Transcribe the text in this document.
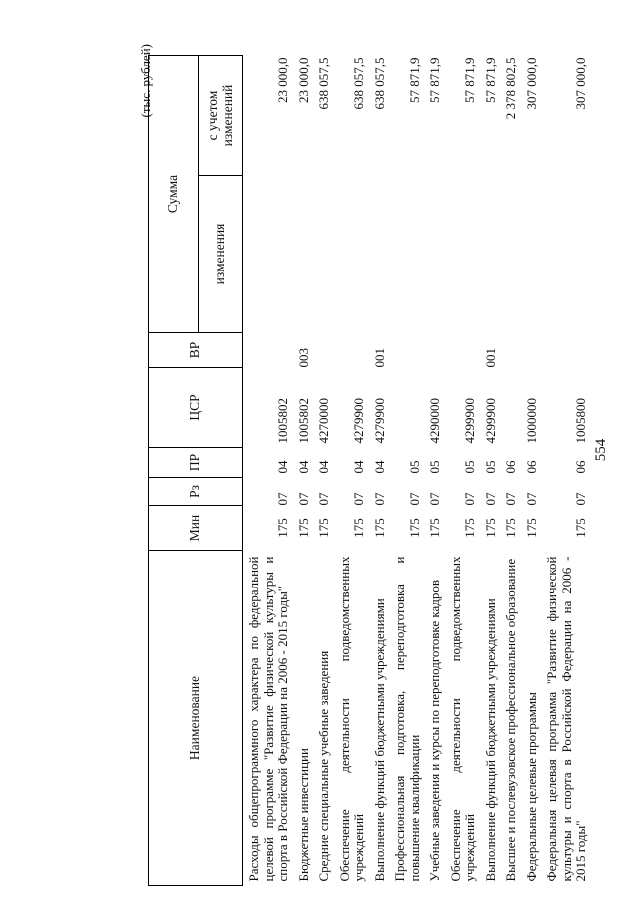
554
(тыс. рублей)
Наименование	Мин	Рз	ПР	ЦСР	ВР	Сумма	
						изменения	с учетом изменений

Расходы общепрограммного характера по федеральной целевой программе "Развитие физической культуры и спорта в Российской Федерации на 2006 - 2015 годы"	175	07	04	1005802			23 000,0

Бюджетные инвестиции	175	07	04	1005802	003		23 000,0

Средние специальные учебные заведения	175	07	04	4270000			638 057,5

Обеспечение деятельности подведомственных учреждений	175	07	04	4279900			638 057,5

Выполнение функций бюджетными учреждениями	175	07	04	4279900	001		638 057,5

Профессиональная подготовка, переподготовка и повышение квалификации	175	07	05				57 871,9

Учебные заведения и курсы по переподготовке кадров	175	07	05	4290000			57 871,9

Обеспечение деятельности подведомственных учреждений	175	07	05	4299900			57 871,9

Выполнение функций бюджетными учреждениями	175	07	05	4299900	001		57 871,9

Высшее и послевузовское профессиональное образование	175	07	06				2 378 802,5

Федеральные целевые программы	175	07	06	1000000			307 000,0

Федеральная целевая программа "Развитие физической культуры и спорта в Российской Федерации на 2006 - 2015 годы"	175	07	06	1005800			307 000,0
